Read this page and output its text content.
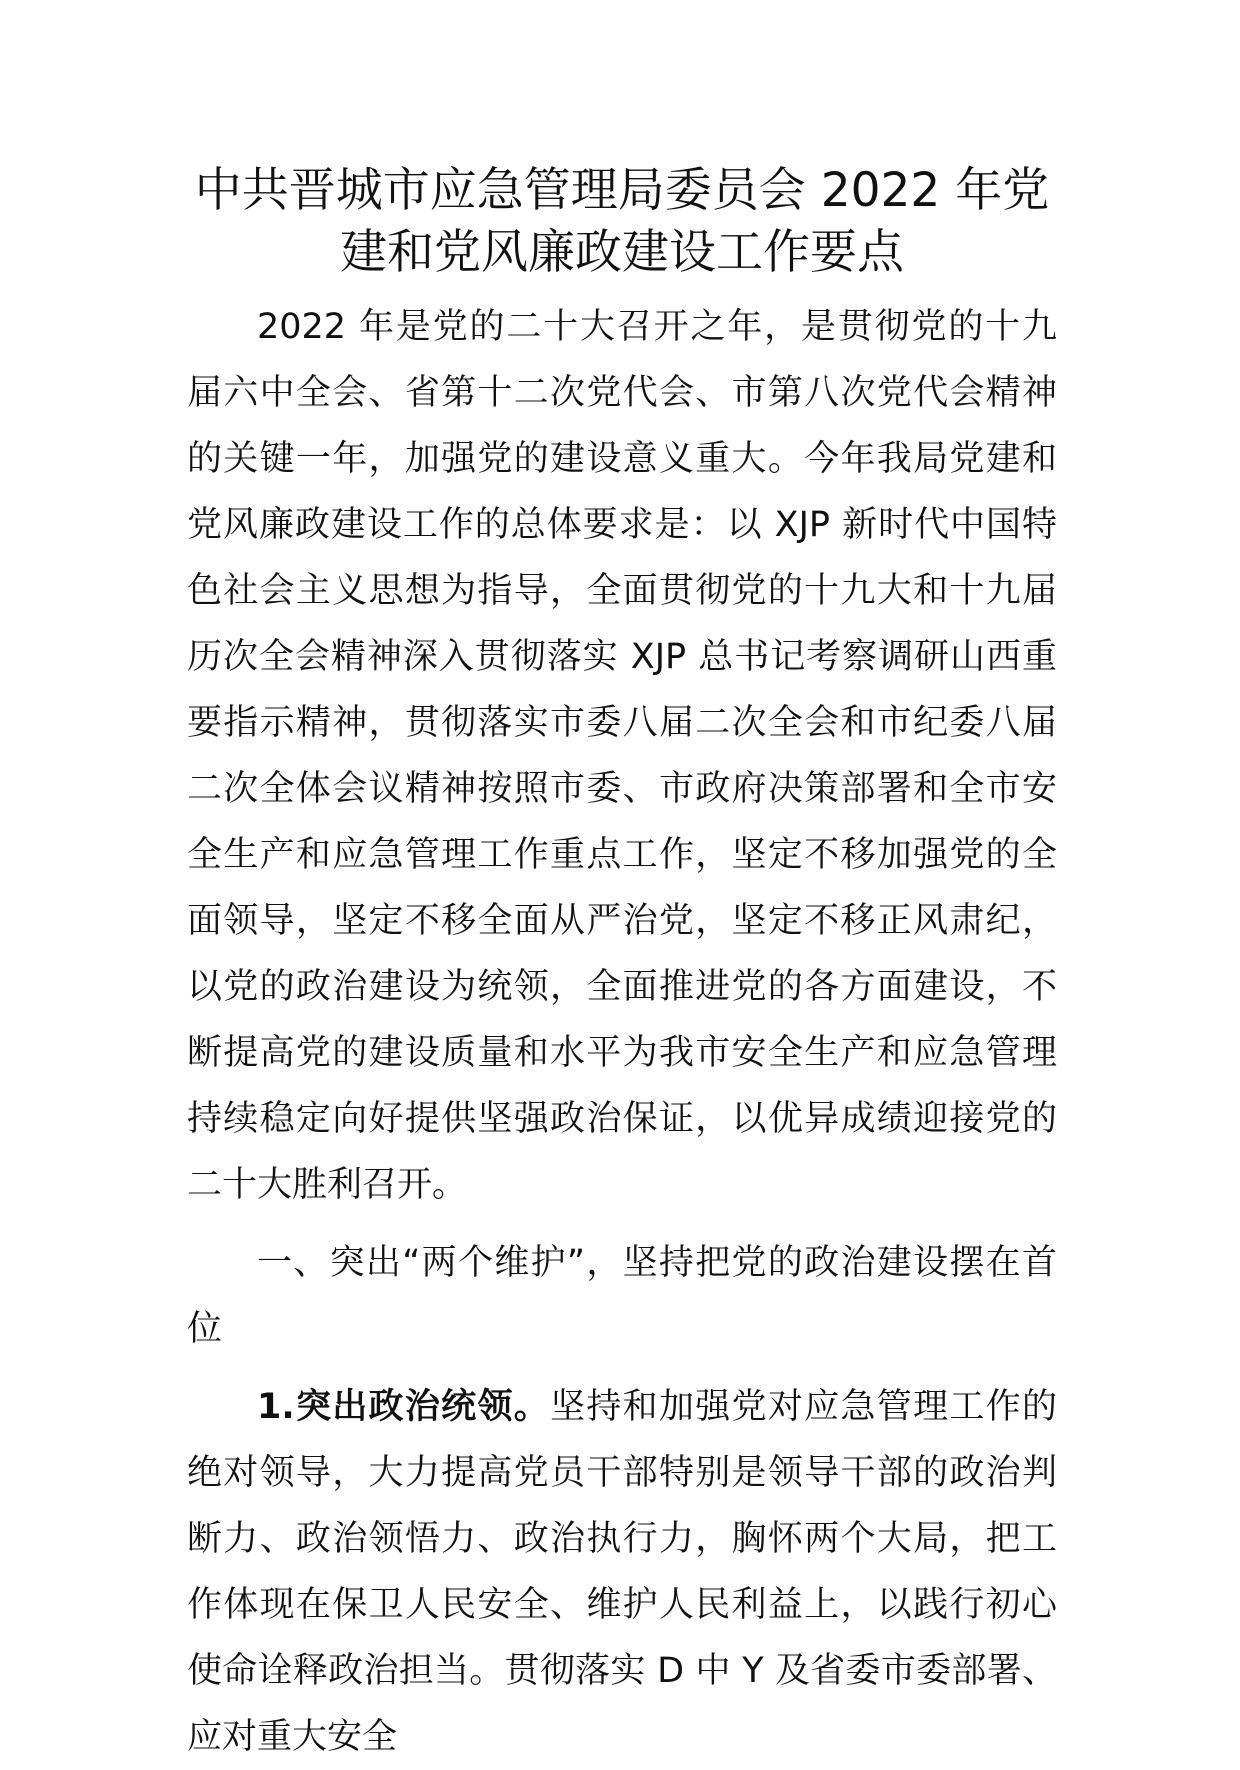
中共晋城市应急管理局委员会 2022 年党
建和党风廉政建设工作要点

2022 年是党的二十大召开之年，是贯彻党的十九届六中全会、省第十二次党代会、市第八次党代会精神的关键一年，加强党的建设意义重大。今年我局党建和党风廉政建设工作的总体要求是：以 XJP 新时代中国特色社会主义思想为指导，全面贯彻党的十九大和十九届历次全会精神深入贯彻落实 XJP 总书记考察调研山西重要指示精神，贯彻落实市委八届二次全会和市纪委八届二次全体会议精神按照市委、市政府决策部署和全市安全生产和应急管理工作重点工作，坚定不移加强党的全面领导，坚定不移全面从严治党，坚定不移正风肃纪，以党的政治建设为统领，全面推进党的各方面建设，不断提高党的建设质量和水平为我市安全生产和应急管理持续稳定向好提供坚强政治保证，以优异成绩迎接党的二十大胜利召开。

一、突出“两个维护”，坚持把党的政治建设摆在首位

1.突出政治统领。坚持和加强党对应急管理工作的绝对领导，大力提高党员干部特别是领导干部的政治判断力、政治领悟力、政治执行力，胸怀两个大局，把工作体现在保卫人民安全、维护人民利益上，以践行初心使命诠释政治担当。贯彻落实 D 中 Y 及省委市委部署、应对重大安全
